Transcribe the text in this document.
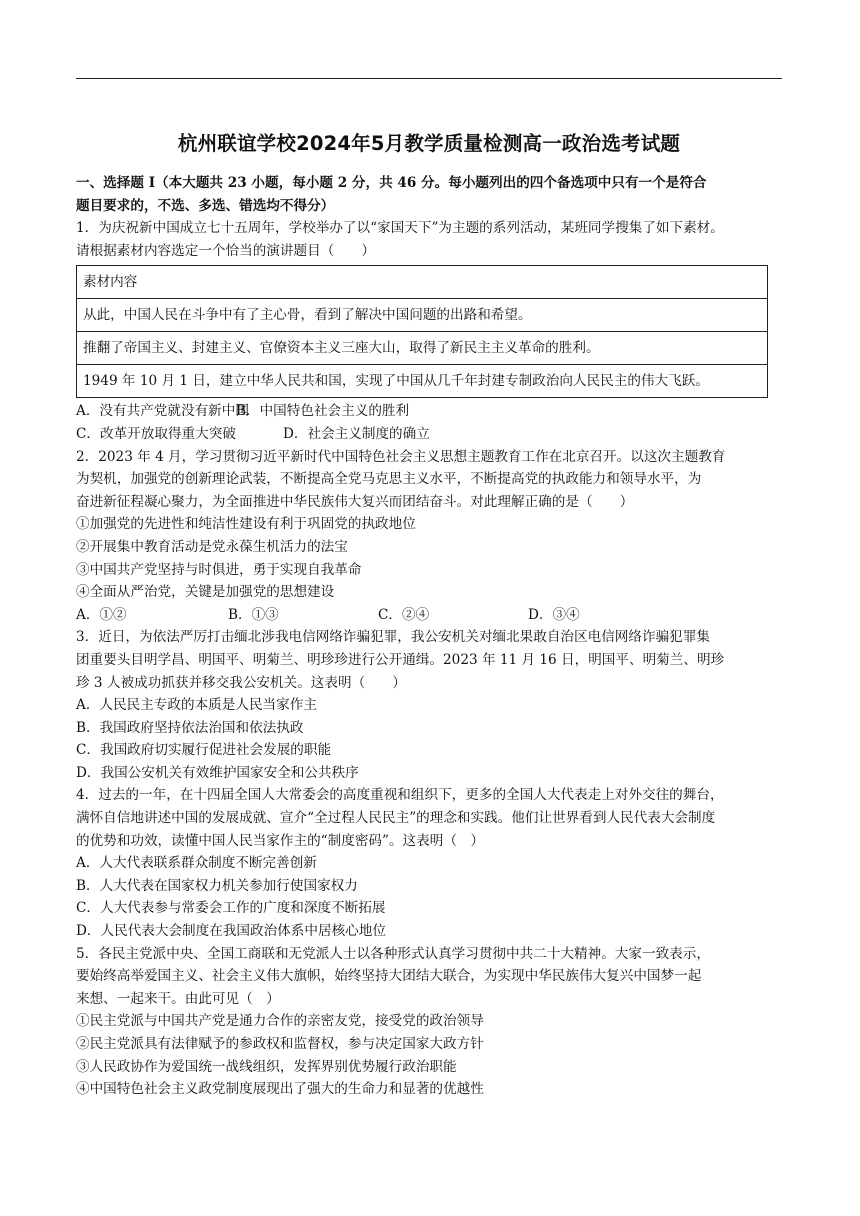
杭州联谊学校2024年5月教学质量检测高一政治选考试题
一、选择题 I（本大题共 23 小题，每小题 2 分，共 46 分。每小题列出的四个备选项中只有一个是符合
题目要求的，不选、多选、错选均不得分）
1．为庆祝新中国成立七十五周年，学校举办了以“家国天下”为主题的系列活动，某班同学搜集了如下素材。
请根据素材内容选定一个恰当的演讲题目（　　）
素材内容
从此，中国人民在斗争中有了主心骨，看到了解决中国问题的出路和希望。
推翻了帝国主义、封建主义、官僚资本主义三座大山，取得了新民主主义革命的胜利。
1949 年 10 月 1 日，建立中华人民共和国，实现了中国从几千年封建专制政治向人民民主的伟大飞跃。
A．没有共产党就没有新中国B．中国特色社会主义的胜利
C．改革开放取得重大突破	D．社会主义制度的确立
2．2023 年 4 月，学习贯彻习近平新时代中国特色社会主义思想主题教育工作在北京召开。以这次主题教育
为契机，加强党的创新理论武装，不断提高全党马克思主义水平，不断提高党的执政能力和领导水平，为
奋进新征程凝心聚力，为全面推进中华民族伟大复兴而团结奋斗。对此理解正确的是（　　）
①加强党的先进性和纯洁性建设有利于巩固党的执政地位
②开展集中教育活动是党永葆生机活力的法宝
③中国共产党坚持与时俱进，勇于实现自我革命
④全面从严治党，关键是加强党的思想建设
A．①②	B．①③	C．②④	D．③④
3．近日，为依法严厉打击缅北涉我电信网络诈骗犯罪，我公安机关对缅北果敢自治区电信网络诈骗犯罪集
团重要头目明学昌、明国平、明菊兰、明珍珍进行公开通缉。2023 年 11 月 16 日，明国平、明菊兰、明珍
珍 3 人被成功抓获并移交我公安机关。这表明（　　）
A．人民民主专政的本质是人民当家作主
B．我国政府坚持依法治国和依法执政
C．我国政府切实履行促进社会发展的职能
D．我国公安机关有效维护国家安全和公共秩序
4．过去的一年，在十四届全国人大常委会的高度重视和组织下，更多的全国人大代表走上对外交往的舞台，
满怀自信地讲述中国的发展成就、宣介“全过程人民民主”的理念和实践。他们让世界看到人民代表大会制度
的优势和功效，读懂中国人民当家作主的“制度密码”。这表明（　）
A．人大代表联系群众制度不断完善创新
B．人大代表在国家权力机关参加行使国家权力
C．人大代表参与常委会工作的广度和深度不断拓展
D．人民代表大会制度在我国政治体系中居核心地位
5．各民主党派中央、全国工商联和无党派人士以各种形式认真学习贯彻中共二十大精神。大家一致表示，
要始终高举爱国主义、社会主义伟大旗帜，始终坚持大团结大联合，为实现中华民族伟大复兴中国梦一起
来想、一起来干。由此可见（　）
①民主党派与中国共产党是通力合作的亲密友党，接受党的政治领导
②民主党派具有法律赋予的参政权和监督权，参与决定国家大政方针
③人民政协作为爱国统一战线组织，发挥界别优势履行政治职能
④中国特色社会主义政党制度展现出了强大的生命力和显著的优越性
